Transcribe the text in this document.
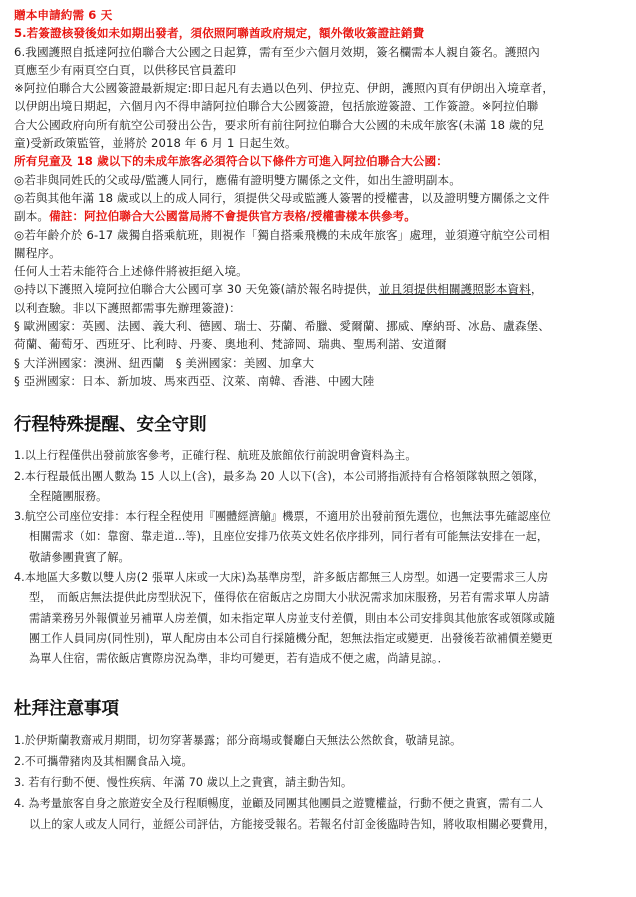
贈本申請約需 6 天
5.若簽證核發後如未如期出發者，須依照阿聯酋政府規定，額外徵收簽證註銷費
6.我國護照自抵達阿拉伯聯合大公國之日起算，需有至少六個月效期，簽名欄需本人親自簽名。護照內
頁應至少有兩頁空白頁，以供移民官員蓋印
※阿拉伯聯合大公國簽證最新規定:即日起凡有去過以色列、伊拉克、伊朗，護照內頁有伊朗出入境章者，
以伊朗出境日期起，六個月內不得申請阿拉伯聯合大公國簽證，包括旅遊簽證、工作簽證。※阿拉伯聯
合大公國政府向所有航空公司發出公告，要求所有前往阿拉伯聯合大公國的未成年旅客(未滿 18 歲的兒
童)受新政策監管，並將於 2018 年 6 月 1 日起生效。
所有兒童及 18 歲以下的未成年旅客必須符合以下條件方可進入阿拉伯聯合大公國：
◎若非與同姓氏的父或母/監護人同行，應備有證明雙方關係之文件，如出生證明副本。
◎若與其他年滿 18 歲或以上的成人同行，須提供父母或監護人簽署的授權書，以及證明雙方關係之文件
副本。備註：阿拉伯聯合大公國當局將不會提供官方表格/授權書樣本供參考。
◎若年齡介於 6-17 歲獨自搭乘航班，則視作「獨自搭乘飛機的未成年旅客」處理，並須遵守航空公司相
關程序。
任何人士若未能符合上述條件將被拒絕入境。
◎持以下護照入境阿拉伯聯合大公國可享 30 天免簽(請於報名時提供，並且須提供相關護照影本資料，
以利查驗。非以下護照都需事先辦理簽證)：
§ 歐洲國家：英國、法國、義大利、德國、瑞士、芬蘭、希臘、愛爾蘭、挪威、摩納哥、冰島、盧森堡、
荷蘭、葡萄牙、西班牙、比利時、丹麥、奧地利、梵諦岡、瑞典、聖馬利諾、安道爾
§ 大洋洲國家：澳洲、紐西蘭　§ 美洲國家：美國、加拿大
§ 亞洲國家：日本、新加坡、馬來西亞、汶萊、南韓、香港、中國大陸
行程特殊提醒、安全守則
1.以上行程僅供出發前旅客參考，正確行程、航班及旅館依行前說明會資料為主。
2.本行程最低出團人數為 15 人以上(含)，最多為 20 人以下(含)，本公司將指派持有合格領隊執照之領隊，
全程隨團服務。
3.航空公司座位安排：本行程全程使用『團體經濟艙』機票，不適用於出發前預先選位，也無法事先確認座位
相關需求（如：靠窗、靠走道...等)，且座位安排乃依英文姓名依序排列，同行者有可能無法安排在一起，
敬請參團貴賓了解。
4.本地區大多數以雙人房(2 張單人床或一大床)為基準房型，許多飯店都無三人房型。如遇一定要需求三人房
型，　而飯店無法提供此房型狀況下，僅得依在宿飯店之房間大小狀況需求加床服務，另若有需求單人房請
需請業務另外報價並另補單人房差價，如未指定單人房並支付差價，則由本公司安排與其他旅客或領隊或隨
團工作人員同房(同性別)，單人配房由本公司自行採隨機分配，恕無法指定或變更．出發後若欲補價差變更
為單人住宿，需依飯店實際房況為準，非均可變更，若有造成不便之處，尚請見諒。．
杜拜注意事項
1.於伊斯蘭教齋戒月期間，切勿穿著暴露；部分商場或餐廳白天無法公然飲食，敬請見諒。
2.不可攜帶豬肉及其相關食品入境。
3. 若有行動不便、慢性疾病、年滿 70 歲以上之貴賓，請主動告知。
4. 為考量旅客自身之旅遊安全及行程順暢度，並顧及同團其他團員之遊覽權益，行動不便之貴賓，需有二人
以上的家人或友人同行，並經公司評估，方能接受報名。若報名付訂金後臨時告知，將收取相關必要費用，
